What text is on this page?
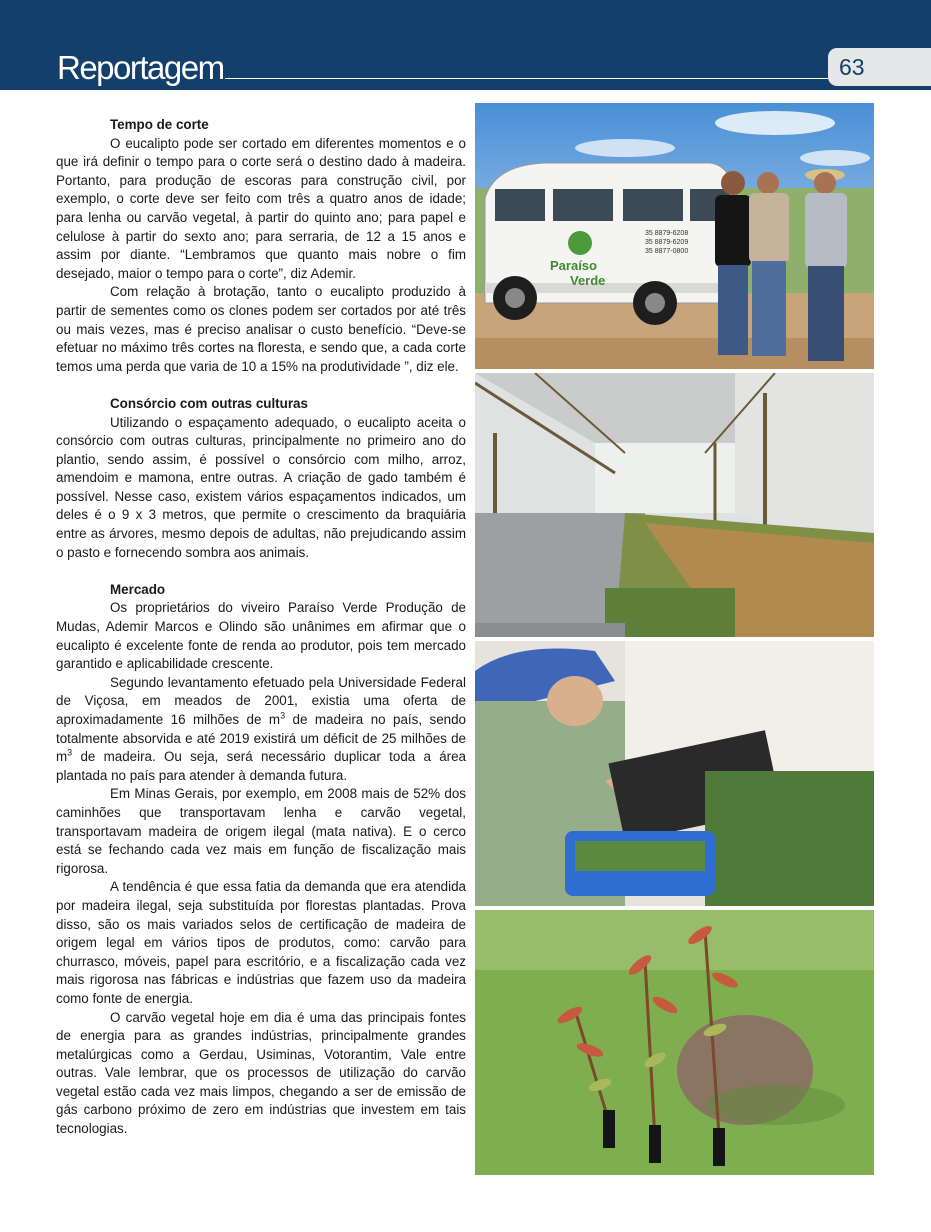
Reportagem	63
Tempo de corte

O eucalipto pode ser cortado em diferentes momentos e o que irá definir o tempo para o corte será o destino dado à madeira. Portanto, para produção de escoras para construção civil, por exemplo, o corte deve ser feito com três a quatro anos de idade; para lenha ou carvão vegetal, à partir do quinto ano; para papel e celulose à partir do sexto ano; para serraria, de 12 a 15 anos e assim por diante. “Lembramos que quanto mais nobre o fim desejado, maior o tempo para o corte”, diz Ademir.

Com relação à brotação, tanto o eucalipto produzido à partir de sementes como os clones podem ser cortados por até três ou mais vezes, mas é preciso analisar o custo benefício. “Deve-se efetuar no máximo três cortes na floresta, e sendo que, a cada corte temos uma perda que varia de 10 a 15% na produtividade ”, diz ele.

Consórcio com outras culturas

Utilizando o espaçamento adequado, o eucalipto aceita o consórcio com outras culturas, principalmente no primeiro ano do plantio, sendo assim, é possível o consórcio com milho, arroz, amendoim e mamona, entre outras. A criação de gado também é possível. Nesse caso, existem vários espaçamentos indicados, um deles é o 9 x 3 metros, que permite o crescimento da braquiária entre as árvores, mesmo depois de adultas, não prejudicando assim o pasto e fornecendo sombra aos animais.

Mercado

Os proprietários do viveiro Paraíso Verde Produção de Mudas, Ademir Marcos e Olindo são unânimes em afirmar que o eucalipto é excelente fonte de renda ao produtor, pois tem mercado garantido e aplicabilidade crescente.

Segundo levantamento efetuado pela Universidade Federal de Viçosa, em meados de 2001, existia uma oferta de aproximadamente 16 milhões de $m^3$ de madeira no país, sendo totalmente absorvida e até 2019 existirá um déficit de 25 milhões de $m^3$ de madeira. Ou seja, será necessário duplicar toda a área plantada no país para atender à demanda futura.

Em Minas Gerais, por exemplo, em 2008 mais de 52% dos caminhões que transportavam lenha e carvão vegetal, transportavam madeira de origem ilegal (mata nativa). E o cerco está se fechando cada vez mais em função de fiscalização mais rigorosa.

A tendência é que essa fatia da demanda que era atendida por madeira ilegal, seja substituída por florestas plantadas. Prova disso, são os mais variados selos de certificação de madeira de origem legal em vários tipos de produtos, como: carvão para churrasco, móveis, papel para escritório, e a fiscalização cada vez mais rigorosa nas fábricas e indústrias que fazem uso da madeira como fonte de energia.

O carvão vegetal hoje em dia é uma das principais fontes de energia para as grandes indústrias, principalmente grandes metalúrgicas como a Gerdau, Usiminas, Votorantim, Vale entre outras. Vale lembrar, que os processos de utilização do carvão vegetal estão cada vez mais limpos, chegando a ser de emissão de gás carbono próximo de zero em indústrias que investem em tais tecnologias.

Paraíso
Verde
35 8879-6208
35 8879-6209
35 8877-0800
